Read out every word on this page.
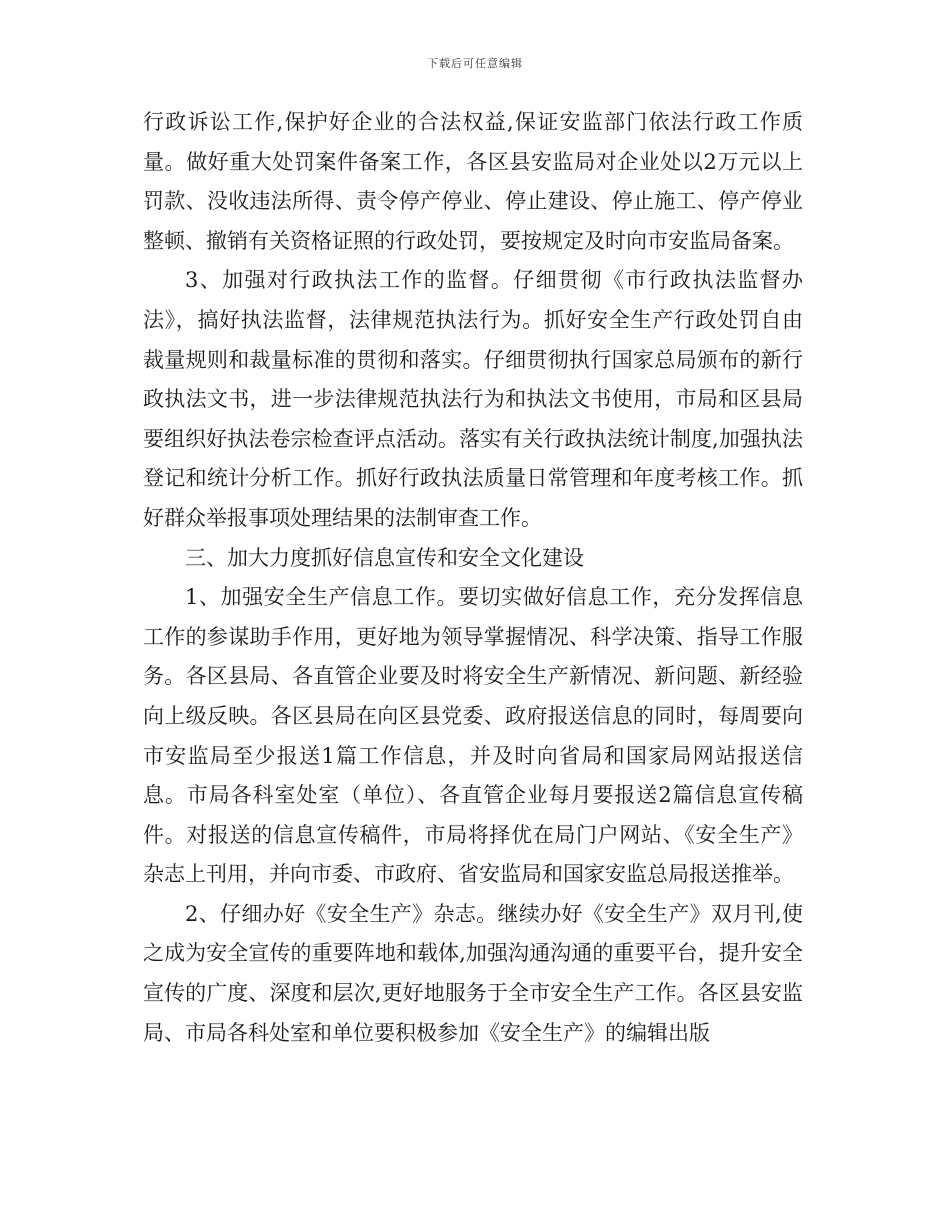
下载后可任意编辑

行政诉讼工作,保护好企业的合法权益,保证安监部门依法行政工作质量。做好重大处罚案件备案工作，各区县安监局对企业处以2万元以上罚款、没收违法所得、责令停产停业、停止建设、停止施工、停产停业整顿、撤销有关资格证照的行政处罚，要按规定及时向市安监局备案。

3、加强对行政执法工作的监督。仔细贯彻《市行政执法监督办法》，搞好执法监督，法律规范执法行为。抓好安全生产行政处罚自由裁量规则和裁量标准的贯彻和落实。仔细贯彻执行国家总局颁布的新行政执法文书，进一步法律规范执法行为和执法文书使用，市局和区县局要组织好执法卷宗检查评点活动。落实有关行政执法统计制度,加强执法登记和统计分析工作。抓好行政执法质量日常管理和年度考核工作。抓好群众举报事项处理结果的法制审查工作。

三、加大力度抓好信息宣传和安全文化建设

1、加强安全生产信息工作。要切实做好信息工作，充分发挥信息工作的参谋助手作用，更好地为领导掌握情况、科学决策、指导工作服务。各区县局、各直管企业要及时将安全生产新情况、新问题、新经验向上级反映。各区县局在向区县党委、政府报送信息的同时，每周要向市安监局至少报送1篇工作信息，并及时向省局和国家局网站报送信息。市局各科室处室（单位）、各直管企业每月要报送2篇信息宣传稿件。对报送的信息宣传稿件，市局将择优在局门户网站、《安全生产》杂志上刊用，并向市委、市政府、省安监局和国家安监总局报送推举。

2、仔细办好《安全生产》杂志。继续办好《安全生产》双月刊,使之成为安全宣传的重要阵地和载体,加强沟通沟通的重要平台，提升安全宣传的广度、深度和层次,更好地服务于全市安全生产工作。各区县安监局、市局各科处室和单位要积极参加《安全生产》的编辑出版
